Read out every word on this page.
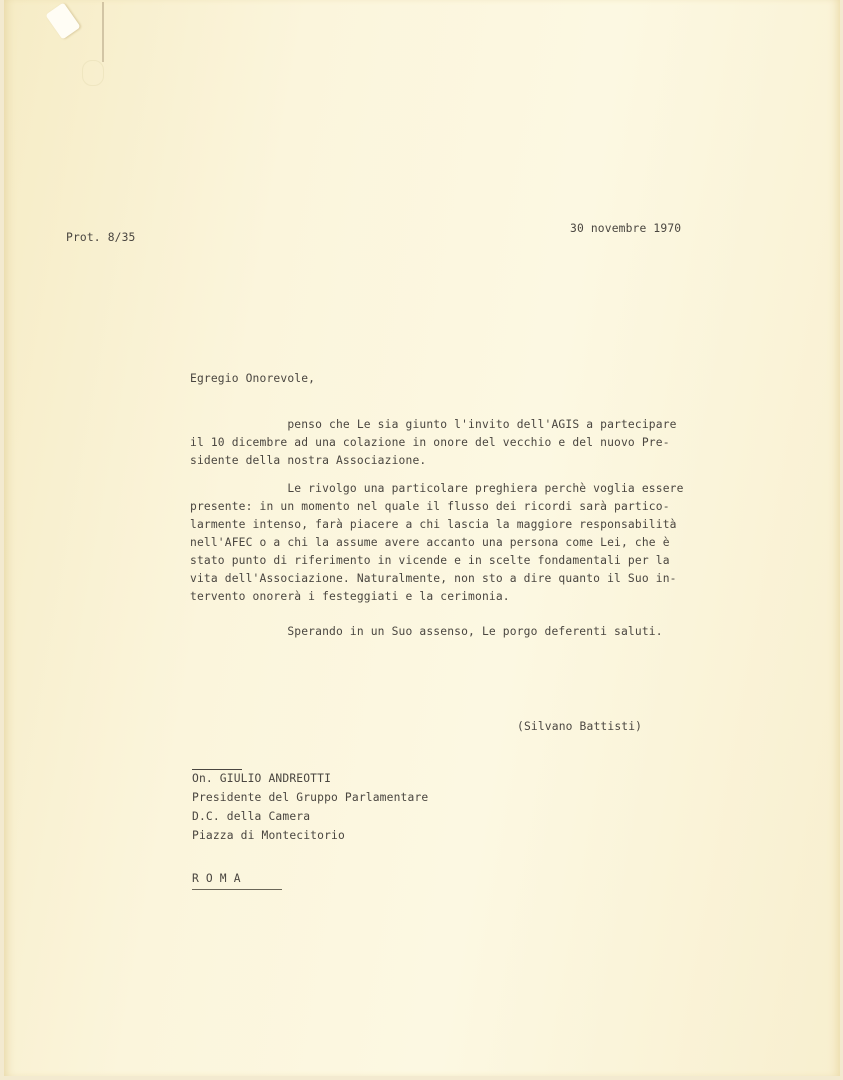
Prot. 8/35
30 novembre 1970
Egregio Onorevole,
penso che Le sia giunto l'invito dell'AGIS a partecipare
il 10 dicembre ad una colazione in onore del vecchio e del nuovo Pre-
sidente della nostra Associazione.
Le rivolgo una particolare preghiera perchè voglia essere
presente: in un momento nel quale il flusso dei ricordi sarà partico-
larmente intenso, farà piacere a chi lascia la maggiore responsabilità
nell'AFEC o a chi la assume avere accanto una persona come Lei, che è
stato punto di riferimento in vicende e in scelte fondamentali per la
vita dell'Associazione. Naturalmente, non sto a dire quanto il Suo in-
tervento onorerà i festeggiati e la cerimonia.
Sperando in un Suo assenso, Le porgo deferenti saluti.
(Silvano Battisti)
On. GIULIO ANDREOTTI
Presidente del Gruppo Parlamentare
D.C. della Camera
Piazza di Montecitorio
R O M A
